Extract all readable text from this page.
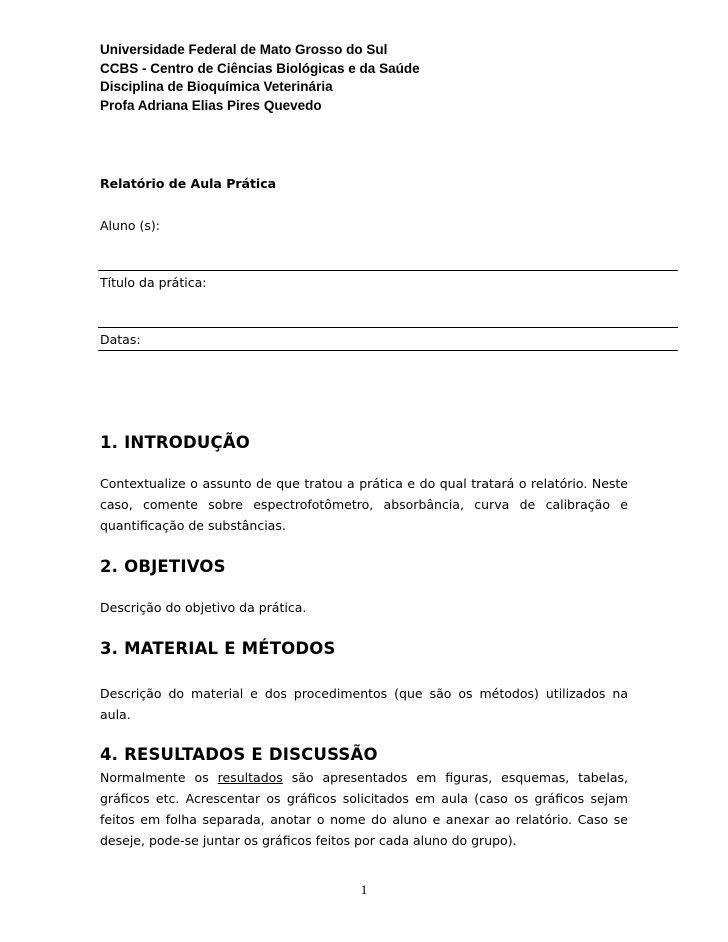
Universidade Federal de Mato Grosso do Sul
CCBS - Centro de Ciências Biológicas e da Saúde
Disciplina de Bioquímica Veterinária
Profa Adriana Elias Pires Quevedo
Relatório de Aula Prática
Aluno (s):
Título da prática:
Datas:
1. INTRODUÇÃO

Contextualize o assunto de que tratou a prática e do qual tratará o relatório. Neste caso, comente sobre espectrofotômetro, absorbância, curva de calibração e quantificação de substâncias.

2. OBJETIVOS

Descrição do objetivo da prática.

3. MATERIAL E MÉTODOS

Descrição do material e dos procedimentos (que são os métodos) utilizados na aula.

4. RESULTADOS E DISCUSSÃO

Normalmente os resultados são apresentados em figuras, esquemas, tabelas, gráficos etc. Acrescentar os gráficos solicitados em aula (caso os gráficos sejam feitos em folha separada, anotar o nome do aluno e anexar ao relatório. Caso se deseje, pode-se juntar os gráficos feitos por cada aluno do grupo).

1
